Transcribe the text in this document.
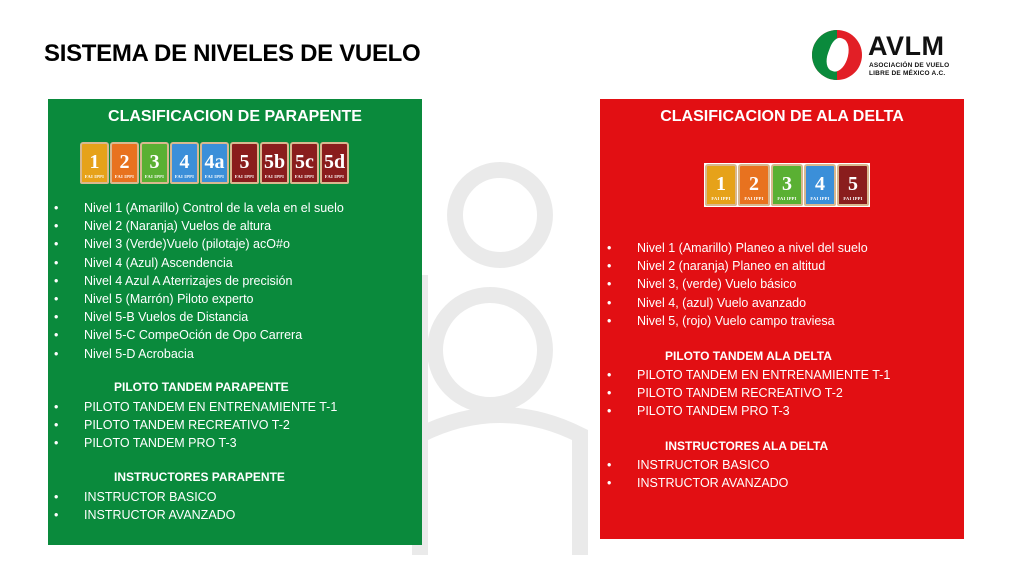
SISTEMA DE NIVELES DE VUELO	AVLM
ASOCIACIÓN DE VUELO
LIBRE DE MÉXICO A.C.
CLASIFICACION DE PARAPENTE
1
FAI IPPI
2
FAI IPPI
3
FAI IPPI
4
FAI IPPI
4a
FAI IPPI
5
FAI IPPI
5b
FAI IPPI
5c
FAI IPPI
5d
FAI IPPI
• Nivel 1 (Amarillo) Control de la vela en el suelo
• Nivel 2 (Naranja) Vuelos de altura
• Nivel 3 (Verde)Vuelo (pilotaje) acO#o
• Nivel 4 (Azul) Ascendencia
• Nivel 4 Azul A Aterrizajes de precisión
• Nivel 5 (Marrón) Piloto experto
• Nivel 5-B Vuelos de Distancia
• Nivel 5-C CompeOción de Opo Carrera
• Nivel 5-D Acrobacia
PILOTO TANDEM PARAPENTE
• PILOTO TANDEM EN ENTRENAMIENTE T-1
• PILOTO TANDEM RECREATIVO T-2
• PILOTO TANDEM PRO T-3
INSTRUCTORES PARAPENTE
• INSTRUCTOR BASICO
• INSTRUCTOR AVANZADO
CLASIFICACION DE ALA DELTA
1
FAI IPPI
2
FAI IPPI
3
FAI IPPI
4
FAI IPPI
5
FAI IPPI
• Nivel 1 (Amarillo) Planeo a nivel del suelo
• Nivel 2 (naranja) Planeo en altitud
• Nivel 3, (verde) Vuelo básico
• Nivel 4, (azul) Vuelo avanzado
• Nivel 5, (rojo) Vuelo campo traviesa
PILOTO TANDEM ALA DELTA
• PILOTO TANDEM EN ENTRENAMIENTE T-1
• PILOTO TANDEM RECREATIVO T-2
• PILOTO TANDEM PRO T-3
INSTRUCTORES ALA DELTA
• INSTRUCTOR BASICO
• INSTRUCTOR AVANZADO
